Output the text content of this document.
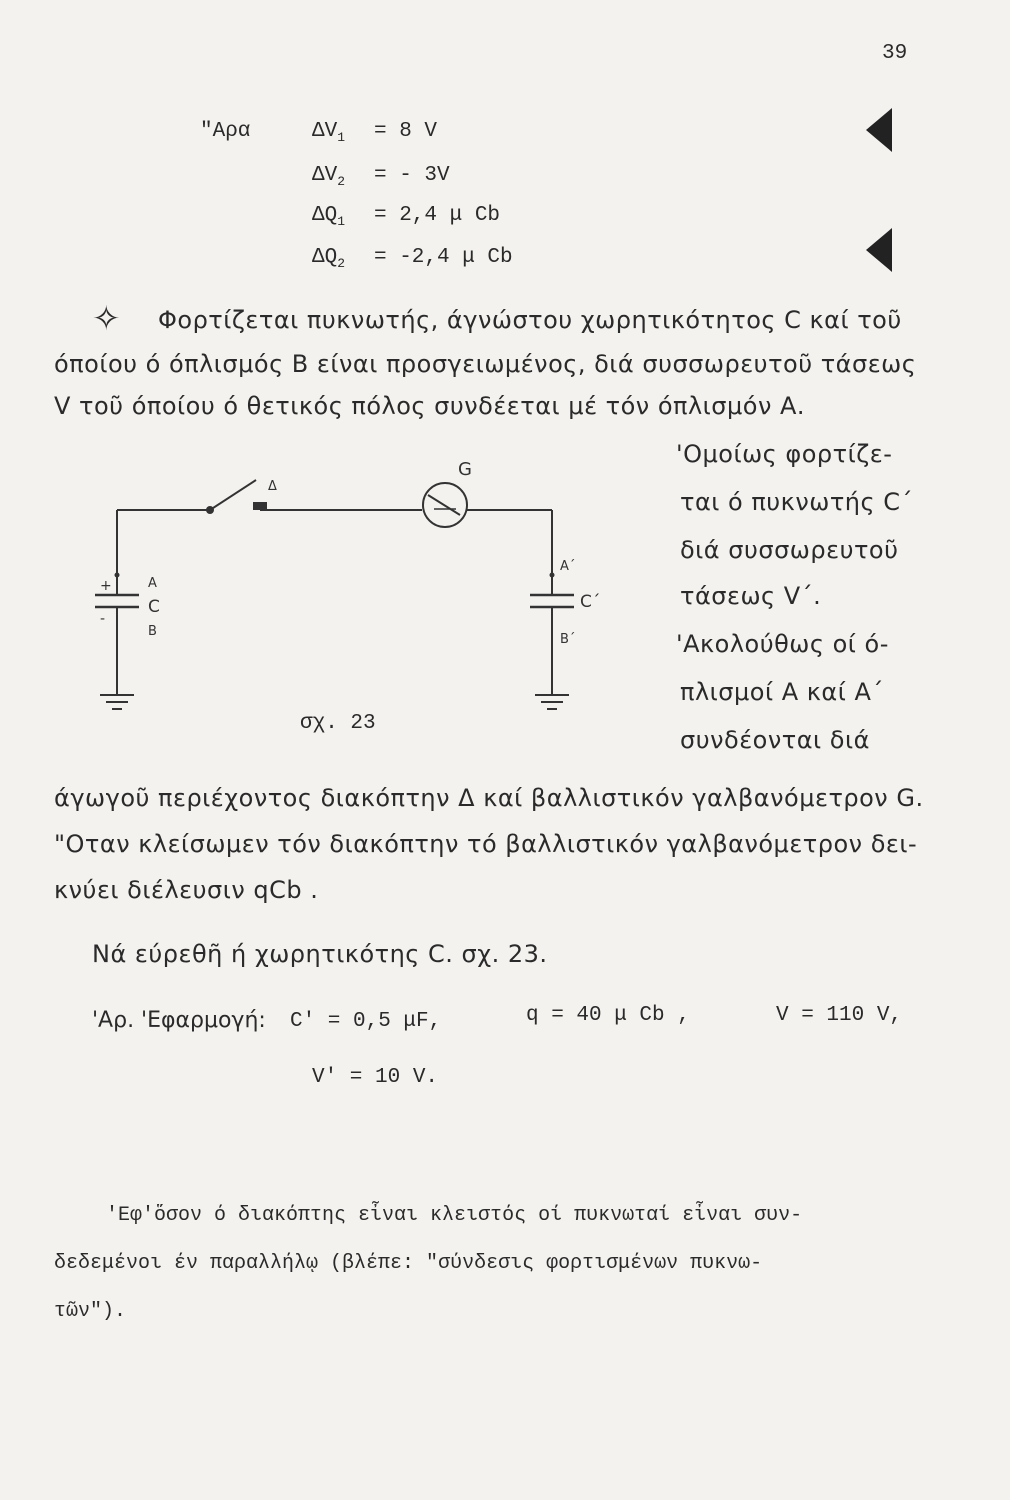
39
"Αρα	$\Delta V_1 = 8$ V
$\Delta V_2$ = - 3V
$\Delta Q_1 = 2,4$ μ Cb
$\Delta Q_2 = -2,4$ μ Cb
✧ Φορτίζεται πυκνωτής, άγνώστου χωρητικότητος C καί τοῦ
όποίου ό όπλισμός Β είναι προσγειωμένος, διά συσσωρευτοῦ τάσεως
V τοῦ όποίου ό θετικός πόλος συνδέεται μέ τόν όπλισμόν Α.
'Ομοίως φορτίζε-
ται ό πυκνωτής C΄
διά συσσωρευτοῦ
τάσεως V΄.
'Ακολούθως οί ό-
πλισμοί Α καί Α΄
συνδέονται διά
Δ
G
+
-
A
C
B
A΄
C΄
B΄
σχ. 23
άγωγοῦ περιέχοντος διακόπτην Δ καί βαλλιστικόν γαλβανόμετρον G.
"Οταν κλείσωμεν τόν διακόπτην τό βαλλιστικόν γαλβανόμετρον δει-
κνύει διέλευσιν qCb .
Νά εύρεθῆ ή χωρητικότης C. σχ. 23.
'Αρ. 'Εφαρμογή: C' = 0,5 μF,	q = 40 μ Cb ,	V = 110 V,
V' = 10 V.
'Εφ'ὅσον ό διακόπτης εἶναι κλειστός οί πυκνωταί εἶναι συν-
δεδεμένοι έν παραλλήλῳ (βλέπε: "σύνδεσις φορτισμένων πυκνω-
τῶν").
